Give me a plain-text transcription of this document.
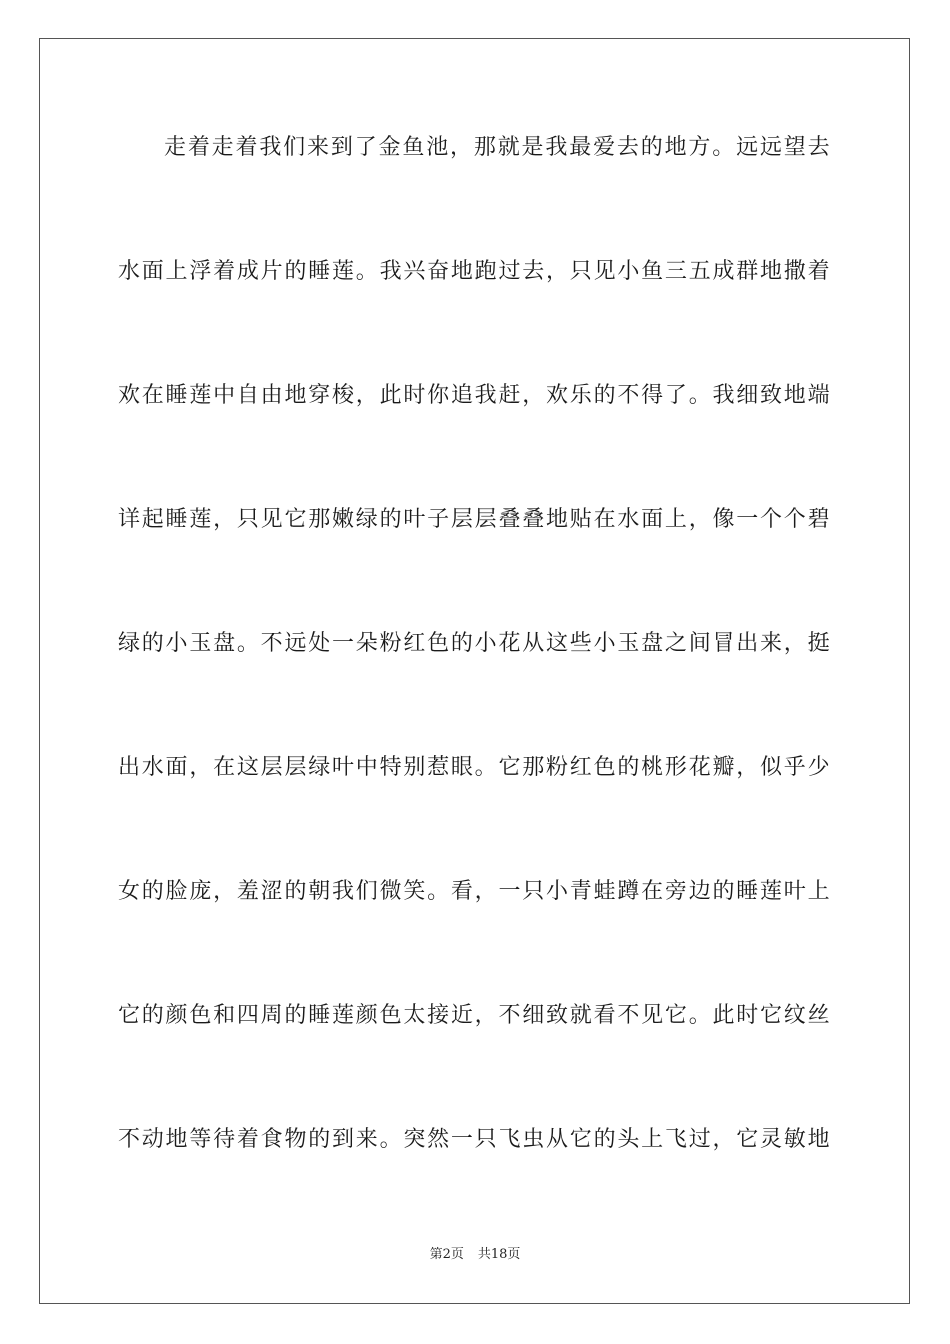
走着走着我们来到了金鱼池，那就是我最爱去的地方。远远望去

水面上浮着成片的睡莲。我兴奋地跑过去，只见小鱼三五成群地撒着

欢在睡莲中自由地穿梭，此时你追我赶，欢乐的不得了。我细致地端

详起睡莲，只见它那嫩绿的叶子层层叠叠地贴在水面上，像一个个碧

绿的小玉盘。不远处一朵粉红色的小花从这些小玉盘之间冒出来，挺

出水面，在这层层绿叶中特别惹眼。它那粉红色的桃形花瓣，似乎少

女的脸庞，羞涩的朝我们微笑。看，一只小青蛙蹲在旁边的睡莲叶上

它的颜色和四周的睡莲颜色太接近，不细致就看不见它。此时它纹丝

不动地等待着食物的到来。突然一只飞虫从它的头上飞过，它灵敏地

第2页 共18页
